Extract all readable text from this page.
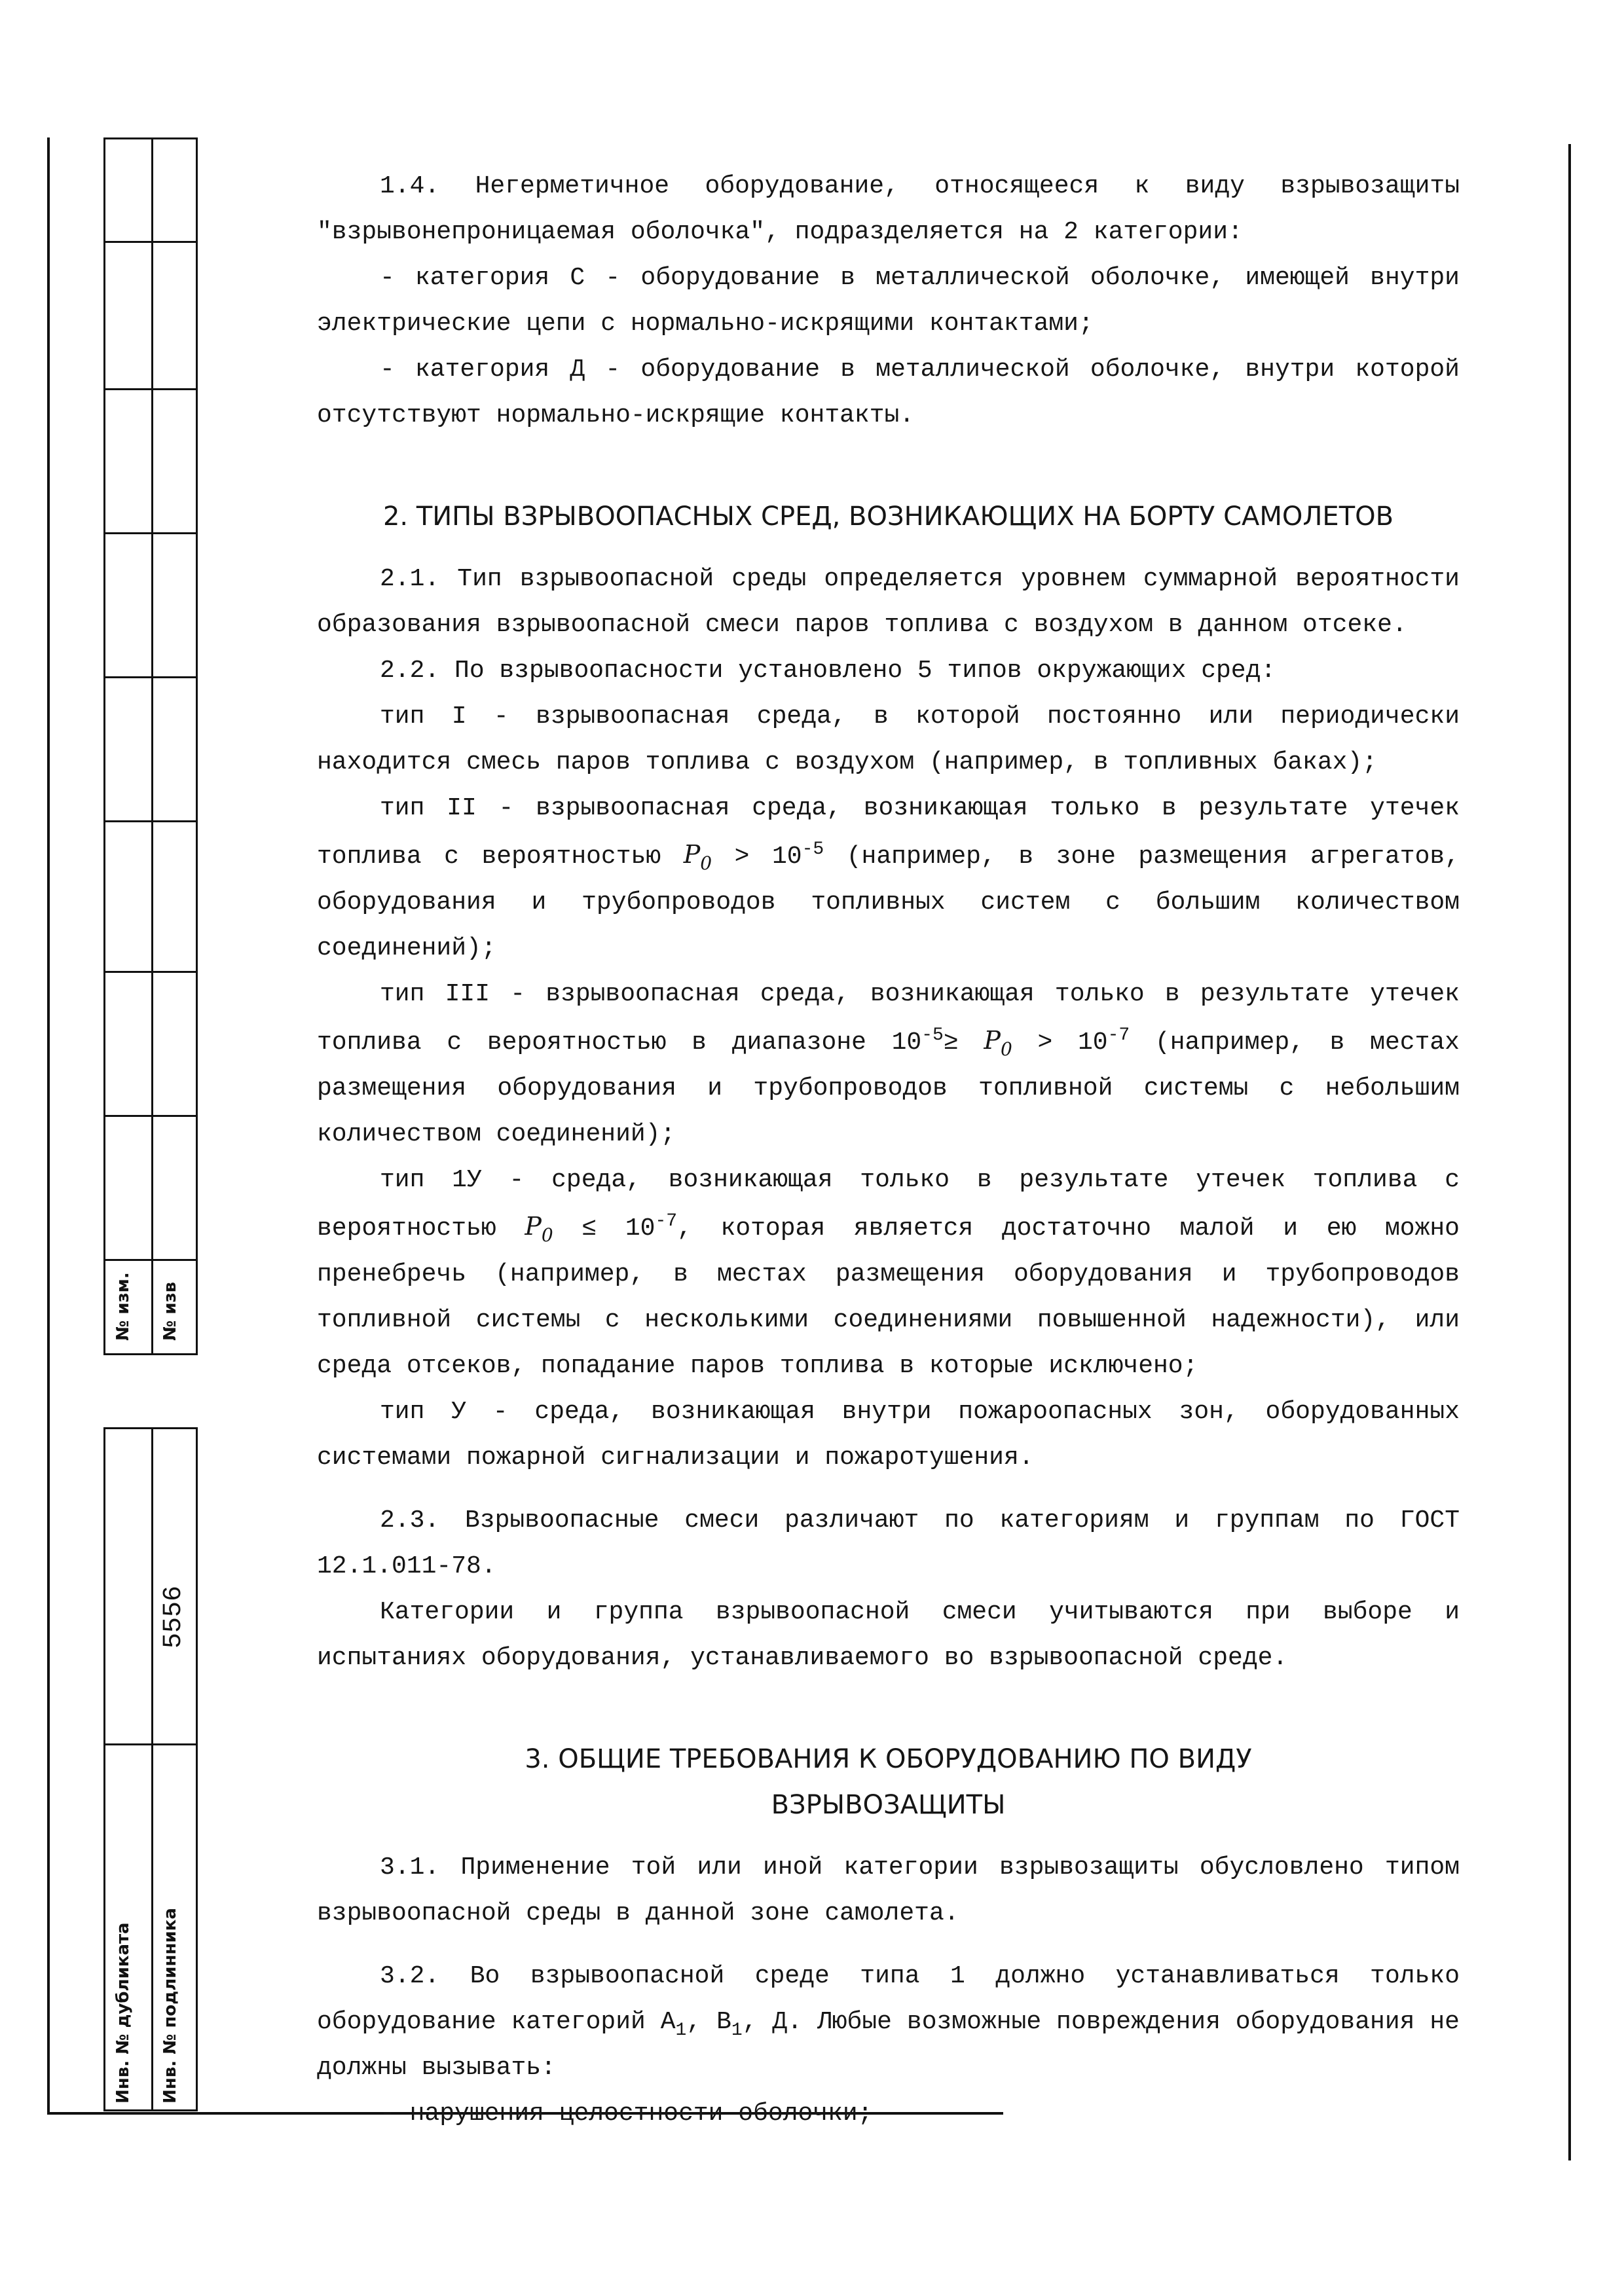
№ изм. № изв
5556
Инв. № дубликата Инв. № подлинника

1.4. Негерметичное оборудование, относящееся к виду взрывозащиты "взрывонепроницаемая оболочка", подразделяется на 2 категории:

- категория С - оборудование в металлической оболочке, имеющей внутри электрические цепи с нормально-искрящими контактами;

- категория Д - оборудование в металлической оболочке, внутри которой отсутствуют нормально-искрящие контакты.

2. ТИПЫ ВЗРЫВООПАСНЫХ СРЕД, ВОЗНИКАЮЩИХ НА БОРТУ САМОЛЕТОВ

2.1. Тип взрывоопасной среды определяется уровнем суммарной вероятности образования взрывоопасной смеси паров топлива с воздухом в данном отсеке.

2.2. По взрывоопасности установлено 5 типов окружающих сред:

тип I - взрывоопасная среда, в которой постоянно или периодически находится смесь паров топлива с воздухом (например, в топливных баках);

тип II - взрывоопасная среда, возникающая только в результате утечек топлива с вероятностью $P_0 > 10^{-5}$ (например, в зоне размещения агрегатов, оборудования и трубопроводов топливных систем с большим количеством соединений);

тип III - взрывоопасная среда, возникающая только в результате утечек топлива с вероятностью в диапазоне $10^{-5}\ge P_0 > 10^{-7}$ (например, в местах размещения оборудования и трубопроводов топливной системы с небольшим количеством соединений);

тип 1У - среда, возникающая только в результате утечек топлива с вероятностью $P_0 \le 10^{-7}$, которая является достаточно малой и ею можно пренебречь (например, в местах размещения оборудования и трубопроводов топливной системы с несколькими соединениями повышенной надежности), или среда отсеков, попадание паров топлива в которые исключено;

тип У - среда, возникающая внутри пожароопасных зон, оборудованных системами пожарной сигнализации и пожаротушения.

2.3. Взрывоопасные смеси различают по категориям и группам по ГОСТ 12.1.011-78.

Категории и группа взрывоопасной смеси учитываются при выборе и испытаниях оборудования, устанавливаемого во взрывоопасной среде.

3. ОБЩИЕ ТРЕБОВАНИЯ К ОБОРУДОВАНИЮ ПО ВИДУ

ВЗРЫВОЗАЩИТЫ

3.1. Применение той или иной категории взрывозащиты обусловлено типом взрывоопасной среды в данной зоне самолета.

3.2. Во взрывоопасной среде типа 1 должно устанавливаться только оборудование категорий $А_1$, $В_1$, Д. Любые возможные повреждения оборудования не должны вызывать:

- нарушения целостности оболочки;
